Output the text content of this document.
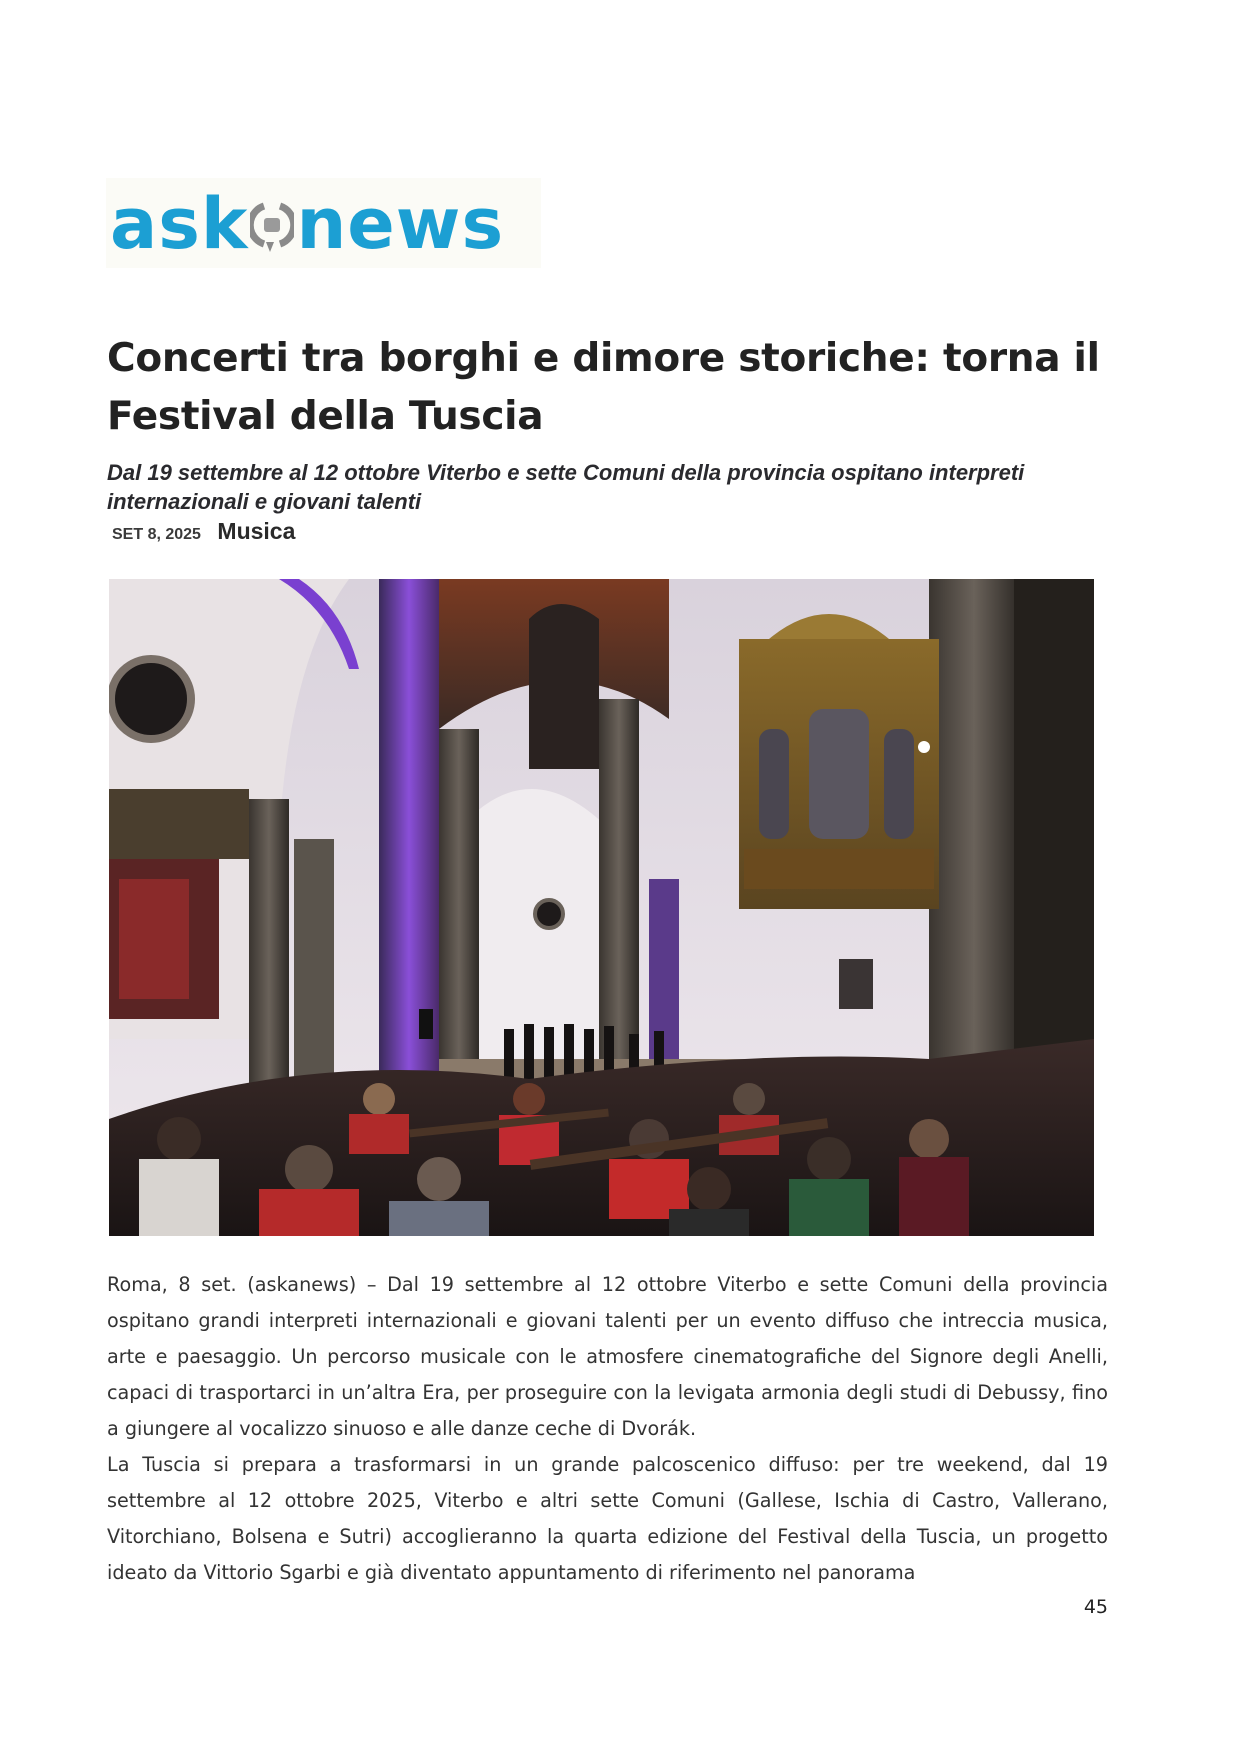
ask news
Concerti tra borghi e dimore storiche: torna il Festival della Tuscia
Dal 19 settembre al 12 ottobre Viterbo e sette Comuni della provincia ospitano interpreti internazionali e giovani talenti
SET 8, 2025 Musica

Roma, 8 set. (askanews) – Dal 19 settembre al 12 ottobre Viterbo e sette Comuni della provincia ospitano grandi interpreti internazionali e giovani talenti per un evento diffuso che intreccia musica, arte e paesaggio. Un percorso musicale con le atmosfere cinematografiche del Signore degli Anelli, capaci di trasportarci in un’altra Era, per proseguire con la levigata armonia degli studi di Debussy, fino a giungere al vocalizzo sinuoso e alle danze ceche di Dvorák.

La Tuscia si prepara a trasformarsi in un grande palcoscenico diffuso: per tre weekend, dal 19 settembre al 12 ottobre 2025, Viterbo e altri sette Comuni (Gallese, Ischia di Castro, Vallerano, Vitorchiano, Bolsena e Sutri) accoglieranno la quarta edizione del Festival della Tuscia, un progetto ideato da Vittorio Sgarbi e già diventato appuntamento di riferimento nel panorama

45
